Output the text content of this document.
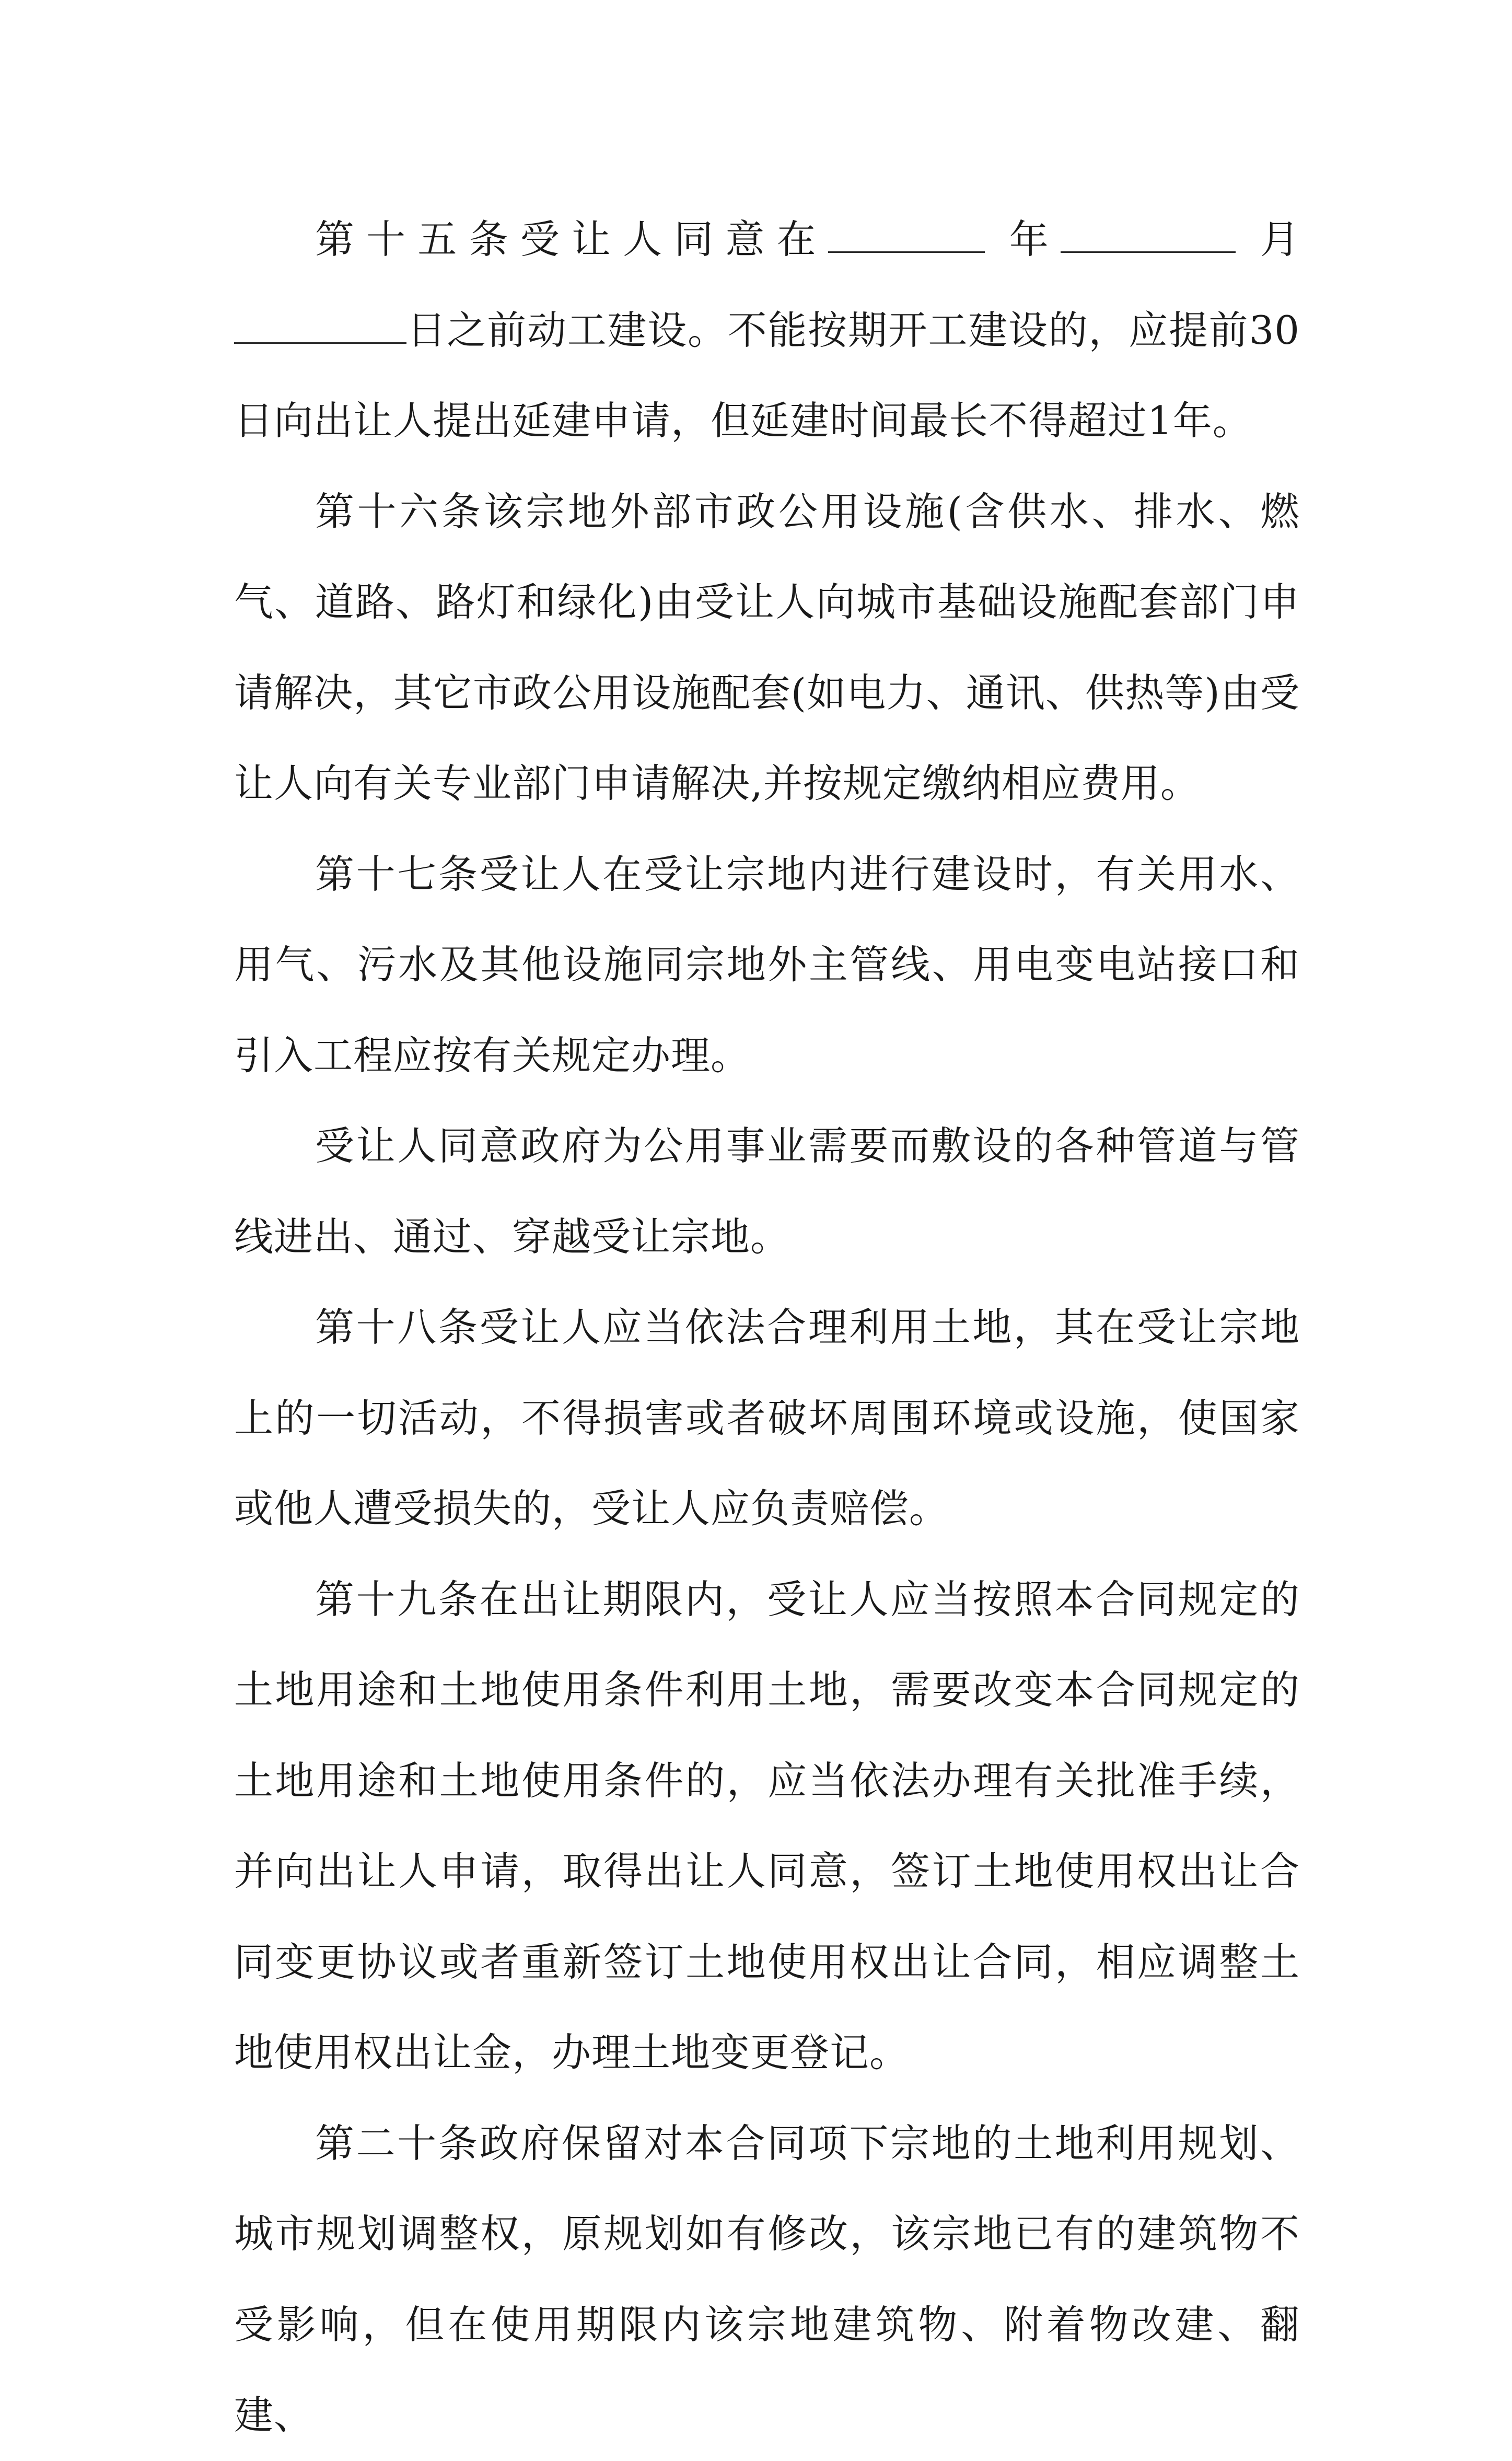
第十五条受让人同意在	年	月日之前动工建设。不能按期开工建设的，应提前30日向出让人提出延建申请，但延建时间最长不得超过1年。

第十六条该宗地外部市政公用设施(含供水、排水、燃气、道路、路灯和绿化)由受让人向城市基础设施配套部门申请解决，其它市政公用设施配套(如电力、通讯、供热等)由受让人向有关专业部门申请解决,并按规定缴纳相应费用。

第十七条受让人在受让宗地内进行建设时，有关用水、用气、污水及其他设施同宗地外主管线、用电变电站接口和引入工程应按有关规定办理。

受让人同意政府为公用事业需要而敷设的各种管道与管线进出、通过、穿越受让宗地。

第十八条受让人应当依法合理利用土地，其在受让宗地上的一切活动，不得损害或者破坏周围环境或设施，使国家或他人遭受损失的，受让人应负责赔偿。

第十九条在出让期限内，受让人应当按照本合同规定的土地用途和土地使用条件利用土地，需要改变本合同规定的土地用途和土地使用条件的，应当依法办理有关批准手续，并向出让人申请，取得出让人同意，签订土地使用权出让合同变更协议或者重新签订土地使用权出让合同，相应调整土地使用权出让金，办理土地变更登记。

第二十条政府保留对本合同项下宗地的土地利用规划、城市规划调整权，原规划如有修改，该宗地已有的建筑物不受影响，但在使用期限内该宗地建筑物、附着物改建、翻建、
